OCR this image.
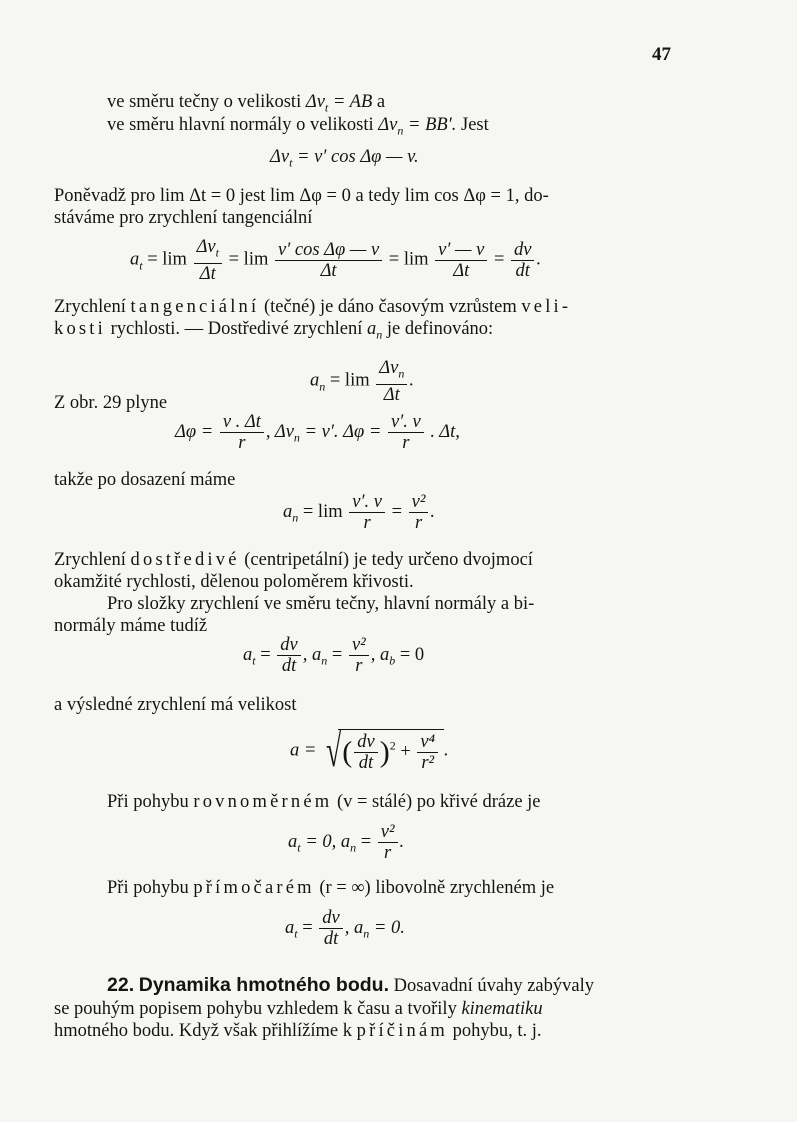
47
ve směru tečny o velikosti $\Delta v_t$ = AB a
ve směru hlavní normály o velikosti $\Delta v_n = BB'$. Jest
$\Delta v_t = v'$ cos Δφ — v.
Poněvadž pro lim Δt = 0 jest lim Δφ = 0 a tedy lim cos Δφ = 1, do-
stáváme pro zrychlení tangenciální
$a_t = \lim \frac{\Delta v_t}{\Delta t} = \lim \frac{\text{v′ cos Δφ — v}}{\Delta t} = \lim \frac{v' — v}{\Delta t} = \frac{dv}{dt}$ .
Zrychlení tangenciální (tečné) je dáno časovým vzrůstem veli-
kosti rychlosti. — Dostředivé zrychlení $a_n$ je definováno:
$a_n = \lim \frac{\Delta v_n}{\Delta t}$ .
Z obr. 29 plyne
$\Delta\varphi = \frac{v . \Delta t}{r}$ , $\Delta v_n = v'$. $\Delta\varphi = \frac{v'. v}{r}$ . Δt,
takže po dosazení máme
$a_n = \lim \frac{v'. v}{r} = \frac{\text{v²}}{r}$ .
Zrychlení dostředivé (centripetální) je tedy určeno dvojmocí
okamžité rychlosti, dělenou poloměrem křivosti.
Pro složky zrychlení ve směru tečny, hlavní normály a bi-
normály máme tudíž
$a_t = \frac{dv}{dt}$ , $a_n = \frac{\text{v²}}{r}$ , $a_b = 0$
a výsledné zrychlení má velikost
a = √( $\frac{dv}{dt} )^2 + \frac{\text{v⁴}}{\text{r²}}$ .
Při pohybu rovnoměrném (v = stálé) po křivé dráze je
$a_t = 0$, $a_n = \frac{\text{v²}}{r}$ .
Při pohybu přímočarém (r = ∞) libovolně zrychleném je
$a_t = \frac{dv}{dt}$ , $a_n = 0$.
22. Dynamika hmotného bodu. Dosavadní úvahy zabývaly
se pouhým popisem pohybu vzhledem k času a tvořily kinematiku
hmotného bodu. Když však přihlížíme k příčinám pohybu, t. j.
